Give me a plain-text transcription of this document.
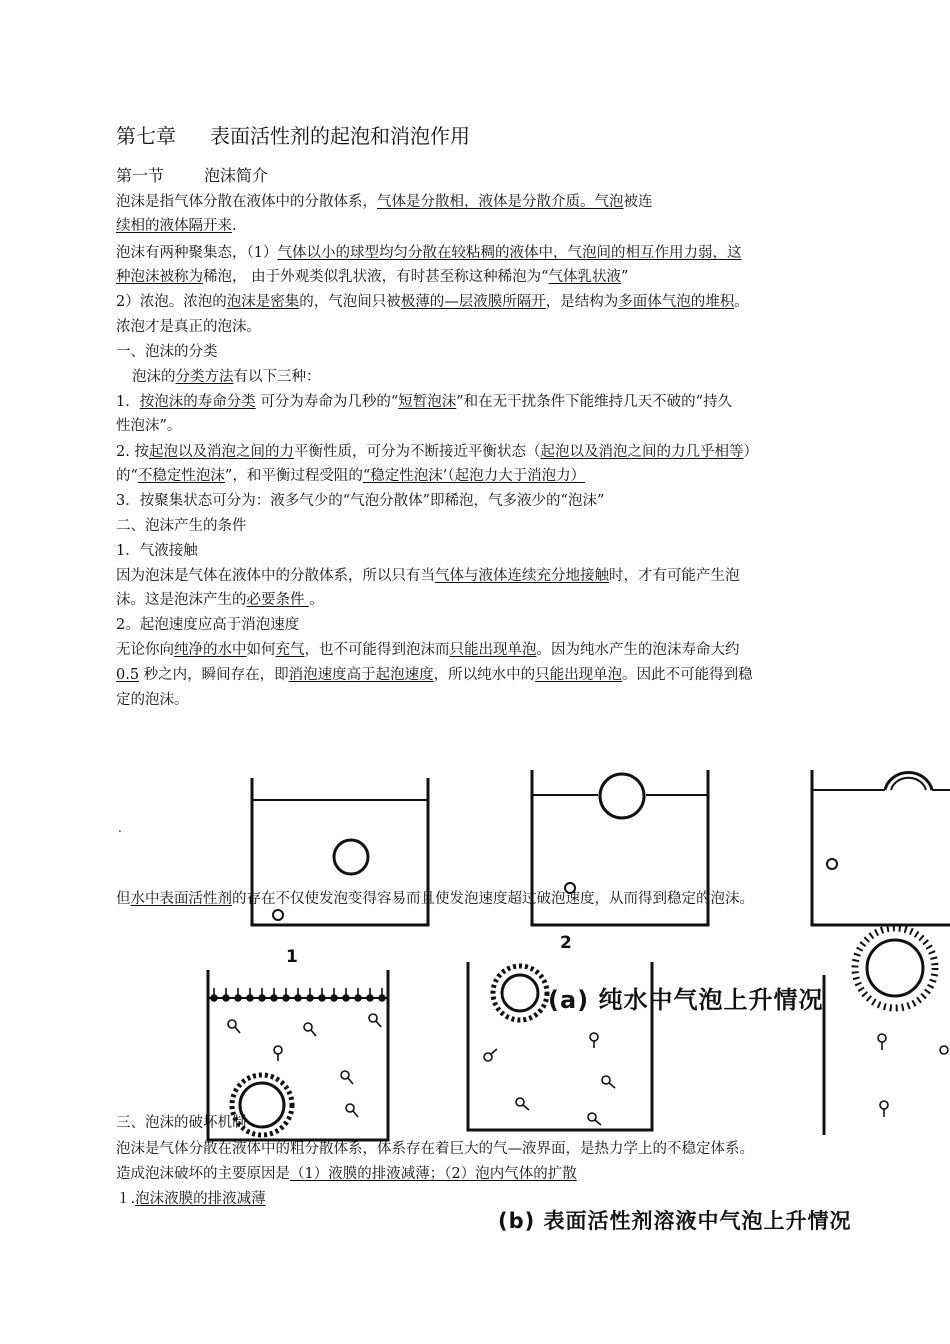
第七章 表面活性剂的起泡和消泡作用
第一节	泡沫简介
泡沫是指气体分散在液体中的分散体系，气体是分散相，液体是分散介质。气泡被连
续相的液体隔开来.
泡沫有两种聚集态，（1）气体以小的球型均匀分散在较粘稠的液体中，气泡间的相互作用力弱，这
种泡沫被称为稀泡， 由于外观类似乳状液，有时甚至称这种稀泡为“气体乳状液”
2）浓泡。浓泡的泡沫是密集的，气泡间只被极薄的—层液膜所隔开，是结构为多面体气泡的堆积。
浓泡才是真正的泡沫。
一、泡沫的分类
泡沫的分类方法有以下三种：
1．按泡沫的寿命分类 可分为寿命为几秒的“短暂泡沫”和在无干扰条件下能维持几天不破的“持久
性泡沫”。
2. 按起泡以及消泡之间的力平衡性质，可分为不断接近平衡状态（起泡以及消泡之间的力几乎相等）
的“不稳定性泡沫”，和平衡过程受阻的“稳定性泡沫’（起泡力大于消泡力）
3．按聚集状态可分为：液多气少的“气泡分散体”即稀泡，气多液少的“泡沫”
二、泡沫产生的条件
1．气液接触
因为泡沫是气体在液体中的分散体系，所以只有当气体与液体连续充分地接触时，才有可能产生泡
沫。这是泡沫产生的必要条件 。
2。起泡速度应高于消泡速度
无论你向纯净的水中如何充气，也不可能得到泡沫而只能出现单泡。因为纯水产生的泡沫寿命大约
0.5 秒之内，瞬间存在，即消泡速度高于起泡速度，所以纯水中的只能出现单泡。因此不可能得到稳
定的泡沫。
.
1
2
(a) 纯水中气泡上升情况
(b) 表面活性剂溶液中气泡上升情况
但水中表面活性剂的存在不仅使发泡变得容易而且使发泡速度超过破泡速度，从而得到稳定的泡沫。
三、泡沫的破坏机制
泡沫是气体分散在液体中的粗分散体系，体系存在着巨大的气—液界面，是热力学上的不稳定体系。
造成泡沫破坏的主要原因是（1）液膜的排液减薄；（2）泡内气体的扩散
１.泡沫液膜的排液减薄
